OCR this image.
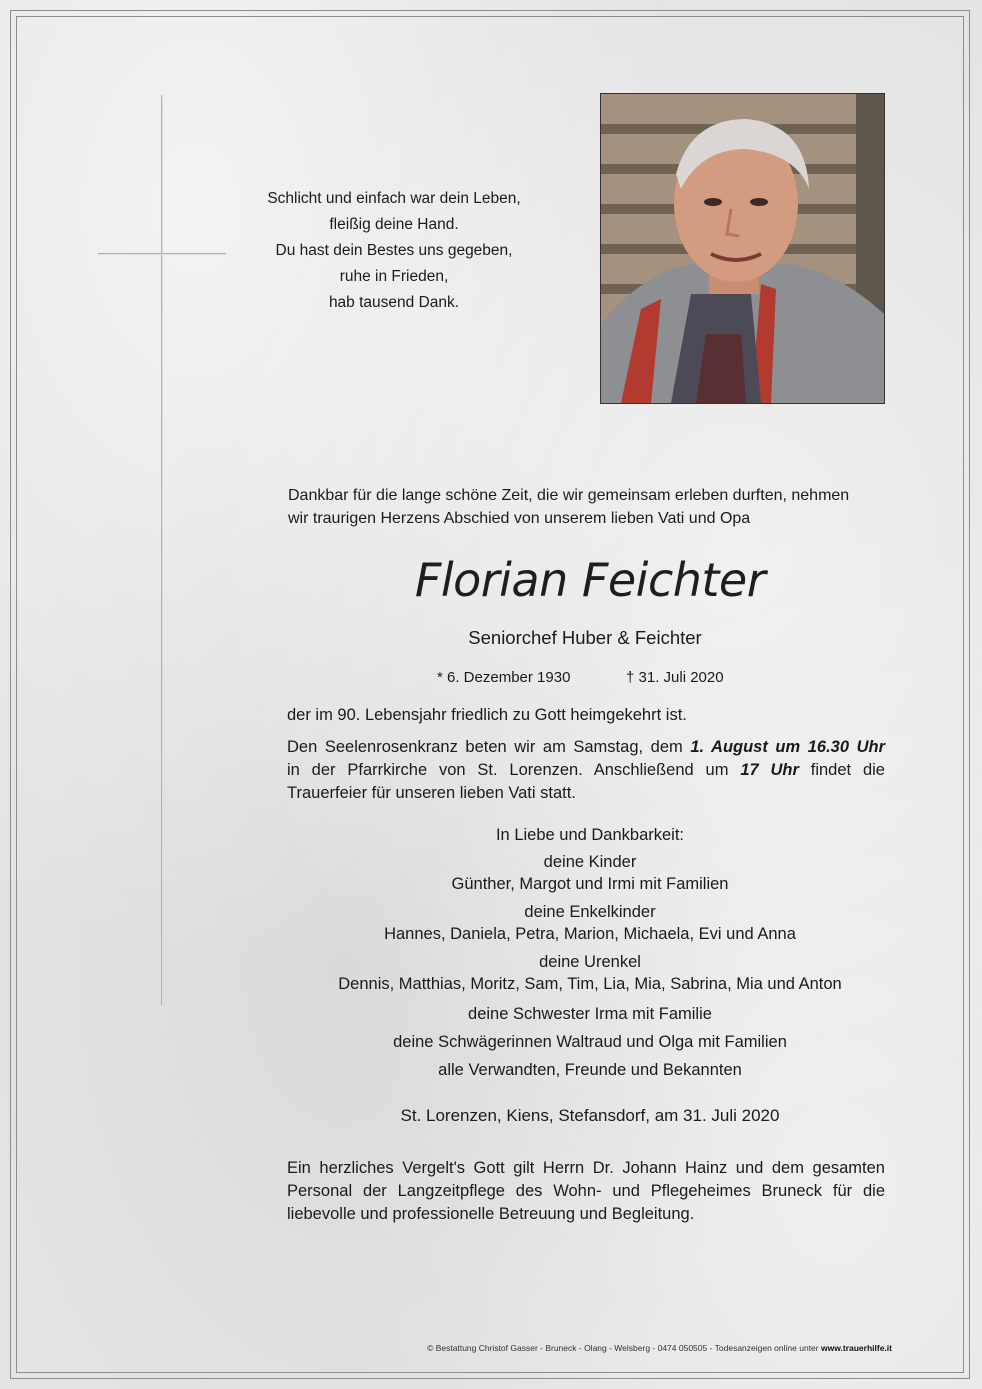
Schlicht und einfach war dein Leben,
fleißig deine Hand.
Du hast dein Bestes uns gegeben,
ruhe in Frieden,
hab tausend Dank.
Dankbar für die lange schöne Zeit, die wir gemeinsam erleben durften, nehmen
wir traurigen Herzens Abschied von unserem lieben Vati und Opa
Florian Feichter
Seniorchef Huber & Feichter
* 6. Dezember 1930	† 31. Juli 2020
der im 90. Lebensjahr friedlich zu Gott heimgekehrt ist.
Den Seelenrosenkranz beten wir am Samstag, dem 1. August um 16.30 Uhr
in der Pfarrkirche von St. Lorenzen. Anschließend um 17 Uhr findet die
Trauerfeier für unseren lieben Vati statt.
In Liebe und Dankbarkeit:
deine Kinder
Günther, Margot und Irmi mit Familien
deine Enkelkinder
Hannes, Daniela, Petra, Marion, Michaela, Evi und Anna
deine Urenkel
Dennis, Matthias, Moritz, Sam, Tim, Lia, Mia, Sabrina, Mia und Anton
deine Schwester Irma mit Familie
deine Schwägerinnen Waltraud und Olga mit Familien
alle Verwandten, Freunde und Bekannten
St. Lorenzen, Kiens, Stefansdorf, am 31. Juli 2020
Ein herzliches Vergelt's Gott gilt Herrn Dr. Johann Hainz und dem gesamten
Personal der Langzeitpflege des Wohn- und Pflegeheimes Bruneck für die
liebevolle und professionelle Betreuung und Begleitung.
© Bestattung Christof Gasser - Bruneck - Olang - Welsberg - 0474 050505 - Todesanzeigen online unter www.trauerhilfe.it
